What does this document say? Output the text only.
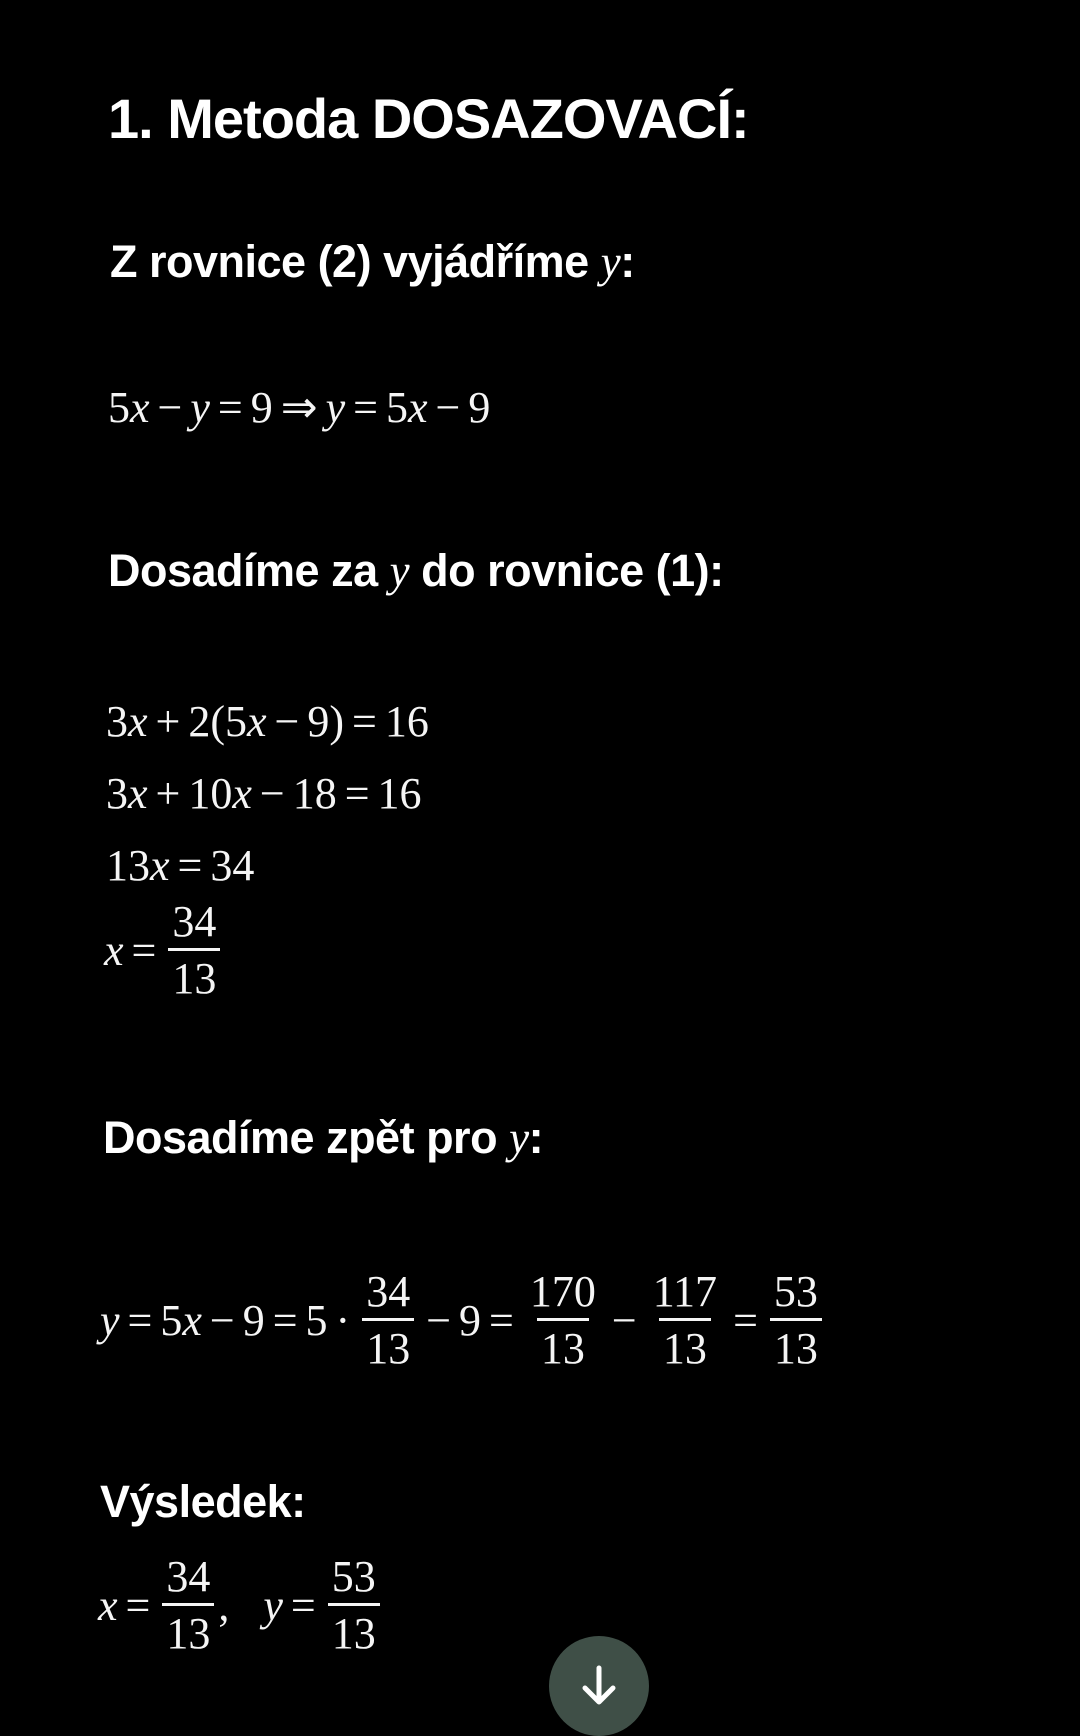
1. Metoda DOSAZOVACÍ:

Z rovnice (2) vyjádříme y:

5 x − y = 9 ⇒ y = 5 x − 9

Dosadíme za y do rovnice (1):

3 x + 2(5 x − 9) = 16
3 x + 10 x − 18 = 16
13 x = 34
$x = \frac{34}{13}$

Dosadíme zpět pro y:

y = 5 $x - 9 = 5 \cdot \frac{34}{13} - 9 = \frac{170}{13} - \frac{117}{13} = \frac{53}{13}$

Výsledek:

$x = \frac{34}{13}$ , $y = \frac{53}{13}$
